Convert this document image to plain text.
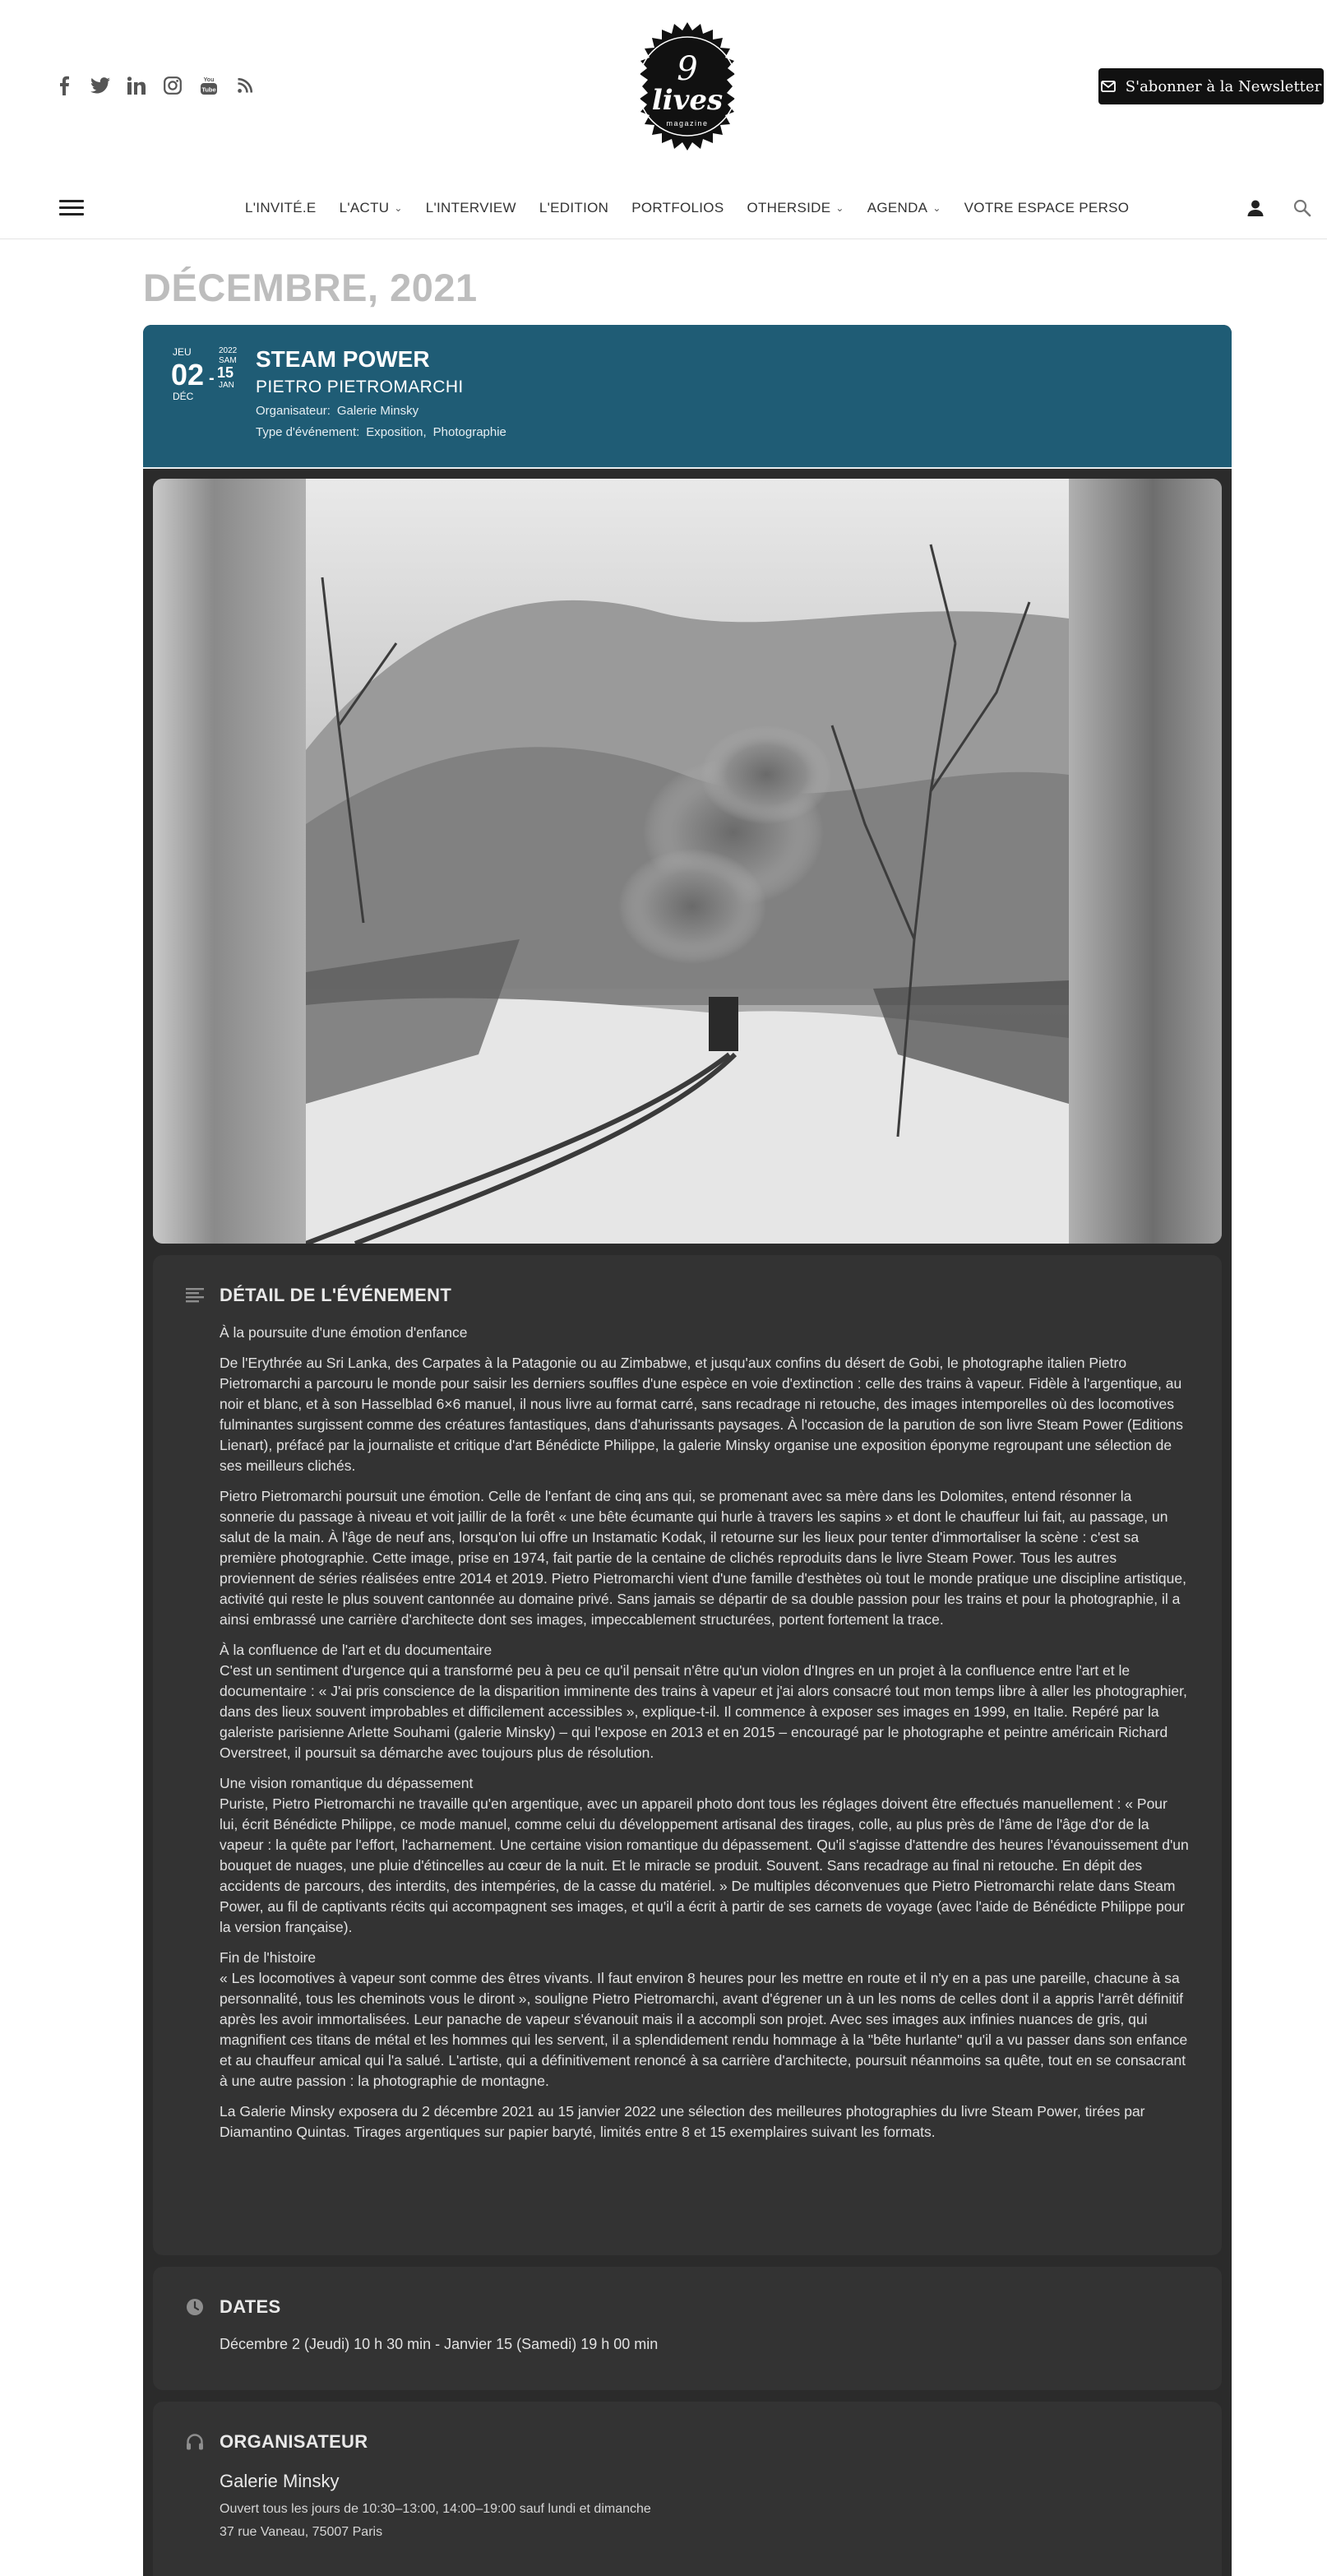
You
Tube
9
lives
magazine
S'abonner à la Newsletter
L'INVITÉ.E L'ACTU ⌄ L'INTERVIEW L'EDITION PORTFOLIOS OTHERSIDE ⌄ AGENDA ⌄ VOTRE ESPACE PERSO
DÉCEMBRE, 2021
JEU
02
DÉC
-
2022
SAM
15
JAN
STEAM POWER
PIETRO PIETROMARCHI
Organisateur: Galerie Minsky
Type d'événement: Exposition, Photographie
DÉTAIL DE L'ÉVÉNEMENT

À la poursuite d'une émotion d'enfance

De l'Erythrée au Sri Lanka, des Carpates à la Patagonie ou au Zimbabwe, et jusqu'aux confins du désert de Gobi, le photographe italien Pietro Pietromarchi a parcouru le monde pour saisir les derniers souffles d'une espèce en voie d'extinction : celle des trains à vapeur. Fidèle à l'argentique, au noir et blanc, et à son Hasselblad 6×6 manuel, il nous livre au format carré, sans recadrage ni retouche, des images intemporelles où des locomotives fulminantes surgissent comme des créatures fantastiques, dans d'ahurissants paysages. À l'occasion de la parution de son livre Steam Power (Editions Lienart), préfacé par la journaliste et critique d'art Bénédicte Philippe, la galerie Minsky organise une exposition éponyme regroupant une sélection de ses meilleurs clichés.

Pietro Pietromarchi poursuit une émotion. Celle de l'enfant de cinq ans qui, se promenant avec sa mère dans les Dolomites, entend résonner la sonnerie du passage à niveau et voit jaillir de la forêt « une bête écumante qui hurle à travers les sapins » et dont le chauffeur lui fait, au passage, un salut de la main. À l'âge de neuf ans, lorsqu'on lui offre un Instamatic Kodak, il retourne sur les lieux pour tenter d'immortaliser la scène : c'est sa première photographie. Cette image, prise en 1974, fait partie de la centaine de clichés reproduits dans le livre Steam Power. Tous les autres proviennent de séries réalisées entre 2014 et 2019. Pietro Pietromarchi vient d'une famille d'esthètes où tout le monde pratique une discipline artistique, activité qui reste le plus souvent cantonnée au domaine privé. Sans jamais se départir de sa double passion pour les trains et pour la photographie, il a ainsi embrassé une carrière d'architecte dont ses images, impeccablement structurées, portent fortement la trace.

À la confluence de l'art et du documentaire
C'est un sentiment d'urgence qui a transformé peu à peu ce qu'il pensait n'être qu'un violon d'Ingres en un projet à la confluence entre l'art et le documentaire : « J'ai pris conscience de la disparition imminente des trains à vapeur et j'ai alors consacré tout mon temps libre à aller les photographier, dans des lieux souvent improbables et difficilement accessibles », explique-t-il. Il commence à exposer ses images en 1999, en Italie. Repéré par la galeriste parisienne Arlette Souhami (galerie Minsky) – qui l'expose en 2013 et en 2015 – encouragé par le photographe et peintre américain Richard Overstreet, il poursuit sa démarche avec toujours plus de résolution.

Une vision romantique du dépassement
Puriste, Pietro Pietromarchi ne travaille qu'en argentique, avec un appareil photo dont tous les réglages doivent être effectués manuellement : « Pour lui, écrit Bénédicte Philippe, ce mode manuel, comme celui du développement artisanal des tirages, colle, au plus près de l'âme de l'âge d'or de la vapeur : la quête par l'effort, l'acharnement. Une certaine vision romantique du dépassement. Qu'il s'agisse d'attendre des heures l'évanouissement d'un bouquet de nuages, une pluie d'étincelles au cœur de la nuit. Et le miracle se produit. Souvent. Sans recadrage au final ni retouche. En dépit des accidents de parcours, des interdits, des intempéries, de la casse du matériel. » De multiples déconvenues que Pietro Pietromarchi relate dans Steam Power, au fil de captivants récits qui accompagnent ses images, et qu'il a écrit à partir de ses carnets de voyage (avec l'aide de Bénédicte Philippe pour la version française).

Fin de l'histoire
« Les locomotives à vapeur sont comme des êtres vivants. Il faut environ 8 heures pour les mettre en route et il n'y en a pas une pareille, chacune à sa personnalité, tous les cheminots vous le diront », souligne Pietro Pietromarchi, avant d'égrener un à un les noms de celles dont il a appris l'arrêt définitif après les avoir immortalisées. Leur panache de vapeur s'évanouit mais il a accompli son projet. Avec ses images aux infinies nuances de gris, qui magnifient ces titans de métal et les hommes qui les servent, il a splendidement rendu hommage à la "bête hurlante" qu'il a vu passer dans son enfance et au chauffeur amical qui l'a salué. L'artiste, qui a définitivement renoncé à sa carrière d'architecte, poursuit néanmoins sa quête, tout en se consacrant à une autre passion : la photographie de montagne.

La Galerie Minsky exposera du 2 décembre 2021 au 15 janvier 2022 une sélection des meilleures photographies du livre Steam Power, tirées par Diamantino Quintas. Tirages argentiques sur papier baryté, limités entre 8 et 15 exemplaires suivant les formats.

DATES
Décembre 2 (Jeudi) 10 h 30 min - Janvier 15 (Samedi) 19 h 00 min
ORGANISATEUR
Galerie Minsky
Ouvert tous les jours de 10:30–13:00, 14:00–19:00 sauf lundi et dimanche
37 rue Vaneau, 75007 Paris
